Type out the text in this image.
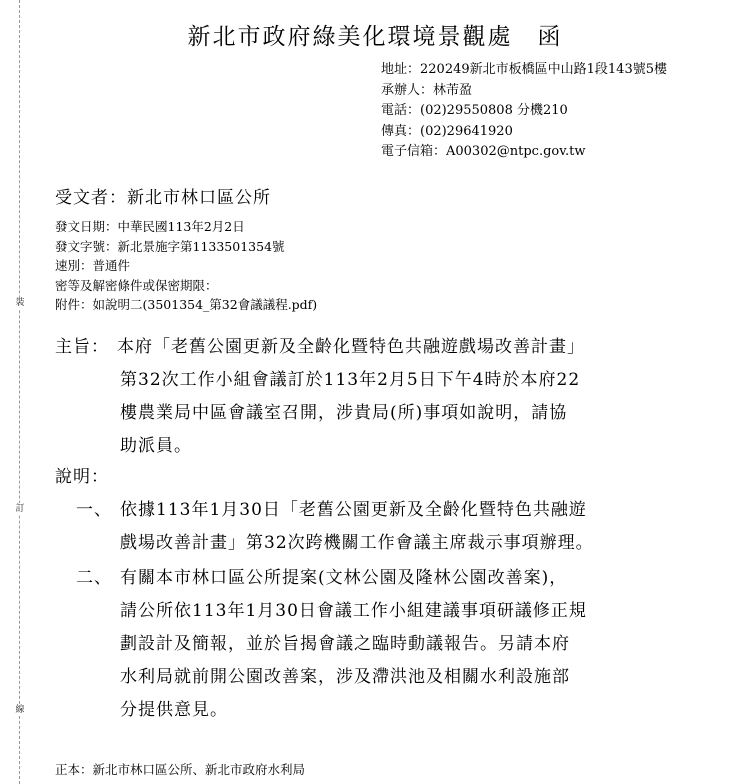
裝
訂
線
新北市政府綠美化環境景觀處　函
地址：220249新北市板橋區中山路1段143號5樓
承辦人：林芾盈
電話：(02)29550808 分機210
傳真：(02)29641920
電子信箱：A00302@ntpc.gov.tw
受文者：新北市林口區公所
發文日期：中華民國113年2月2日
發文字號：新北景施字第1133501354號
速別：普通件
密等及解密條件或保密期限：
附件：如說明二(3501354_第32會議議程.pdf)
主旨： 本府「老舊公園更新及全齡化暨特色共融遊戲場改善計畫」
第32次工作小組會議訂於113年2月5日下午4時於本府22
樓農業局中區會議室召開，涉貴局(所)事項如說明，請協
助派員。
說明：
一、 依據113年1月30日「老舊公園更新及全齡化暨特色共融遊
戲場改善計畫」第32次跨機關工作會議主席裁示事項辦理。
二、 有關本市林口區公所提案(文林公園及隆林公園改善案)，
請公所依113年1月30日會議工作小組建議事項研議修正規
劃設計及簡報，並於旨揭會議之臨時動議報告。另請本府
水利局就前開公園改善案，涉及滯洪池及相關水利設施部
分提供意見。
正本：新北市林口區公所、新北市政府水利局
